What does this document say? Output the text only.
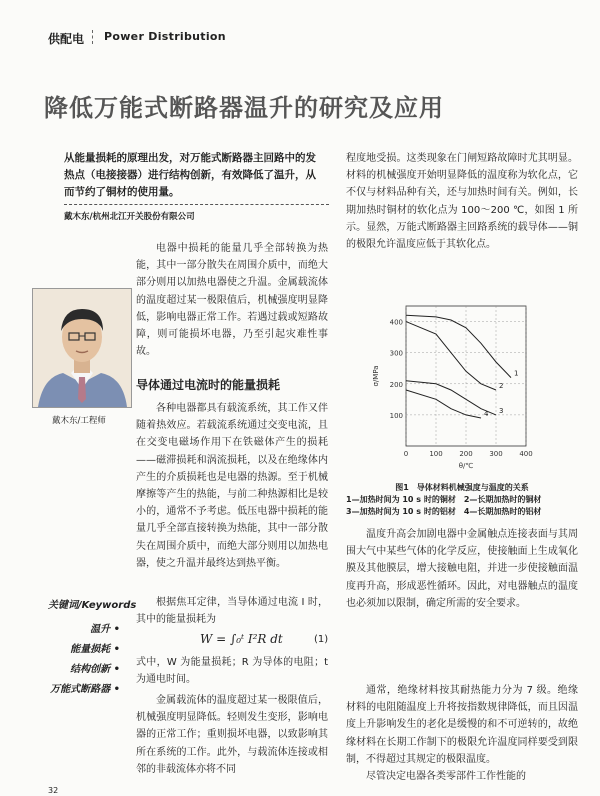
供配电 Power Distribution
降低万能式断路器温升的研究及应用
从能量损耗的原理出发，对万能式断路器主回路中的发热点（电接接器）进行结构创新，有效降低了温升，从而节约了铜材的使用量。
戴木东/杭州北江开关股份有限公司
戴木东/工程师
电器中损耗的能量几乎全部转换为热能，其中一部分散失在周围介质中，而绝大部分则用以加热电器使之升温。金属载流体的温度超过某一极限值后，机械强度明显降低，影响电器正常工作。若遇过载或短路故障，则可能损坏电器，乃至引起灾难性事故。
导体通过电流时的能量损耗
各种电器都具有载流系统，其工作又伴随着热效应。若载流系统通过交变电流，且在交变电磁场作用下在铁磁体产生的损耗——磁滞损耗和涡流损耗，以及在绝缘体内产生的介质损耗也是电器的热源。至于机械摩擦等产生的热能，与前二种热源相比是较小的，通常不予考虑。低压电器中损耗的能量几乎全部直接转换为热能，其中一部分散失在周围介质中，而绝大部分则用以加热电器，使之升温并最终达到热平衡。
根据焦耳定律，当导体通过电流 I 时，其中的能量损耗为
W = ∫₀ᵗ I²R dt	(1)
式中，W 为能量损耗；R 为导体的电阻；t 为通电时间。
金属载流体的温度超过某一极限值后，机械强度明显降低。轻则发生变形，影响电器的正常工作；重则损坏电器，以致影响其所在系统的工作。此外，与载流体连接或相邻的非载流体亦将不同
关键词/Keywords
温升 •
能量损耗 •
结构创新 •
万能式断路器 •
程度地受损。这类现象在门闸短路故障时尤其明显。材料的机械强度开始明显降低的温度称为软化点，它不仅与材料品种有关，还与加热时间有关。例如，长期加热时铜材的软化点为 100～200 ℃，如图 1 所示。显然，万能式断路器主回路系统的载导体——铜的极限允许温度应低于其软化点。
100
200
300
400
0	100 200 300 400
θ/℃
σ/MPa	1
2
3
4
图1　导体材料机械强度与温度的关系
1—加热时间为 10 s 时的铜材　2—长期加热时的铜材
3—加热时间为 10 s 时的铝材　4—长期加热时的铝材
温度升高会加剧电器中金属触点连接表面与其周围大气中某些气体的化学反应，使接触面上生成氧化膜及其他膜层，增大接触电阻，并进一步使接触面温度再升高，形成恶性循环。因此，对电器触点的温度也必须加以限制，确定所需的安全要求。
通常，绝缘材料按其耐热能力分为 7 级。绝缘材料的电阻随温度上升将按指数规律降低，而且因温度上升影响发生的老化是缓慢的和不可逆转的，故绝缘材料在长期工作制下的极限允许温度同样要受到限制，不得超过其规定的极限温度。
尽管决定电器各类零部件工作性能的
32
